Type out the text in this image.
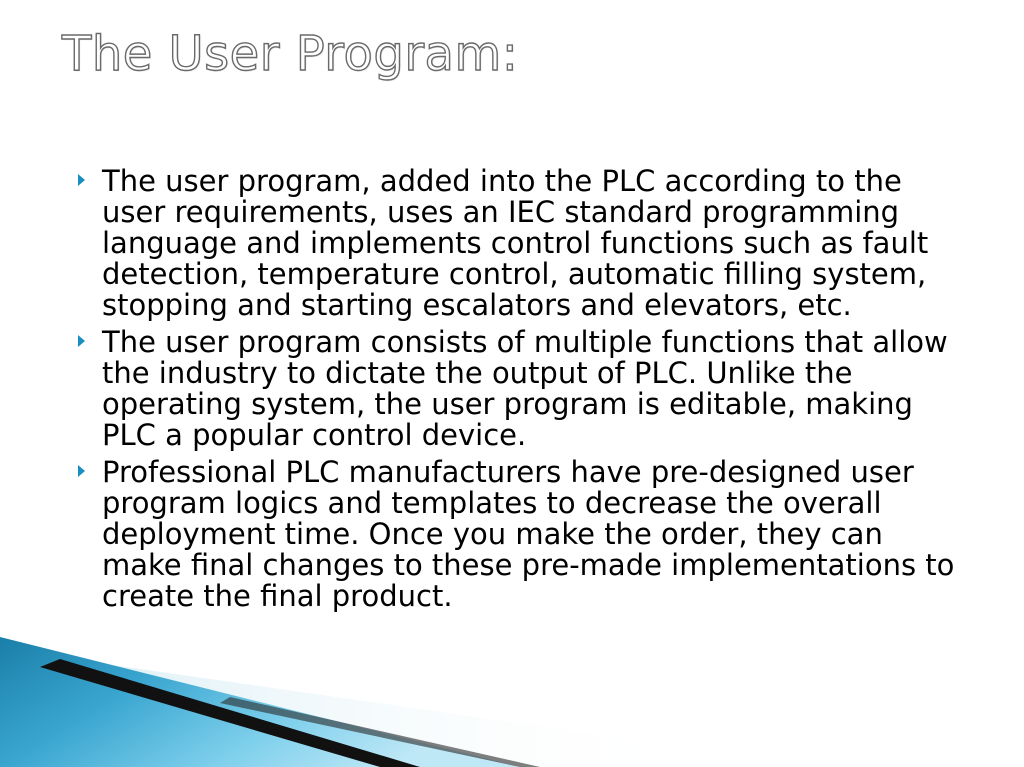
The User Program:
The user program, added into the PLC according to the user requirements, uses an IEC standard programming language and implements control functions such as fault detection, temperature control, automatic filling system, stopping and starting escalators and elevators, etc.
The user program consists of multiple functions that allow the industry to dictate the output of PLC. Unlike the operating system, the user program is editable, making PLC a popular control device.
Professional PLC manufacturers have pre-designed user program logics and templates to decrease the overall deployment time. Once you make the order, they can make final changes to these pre-made implementations to create the final product.
